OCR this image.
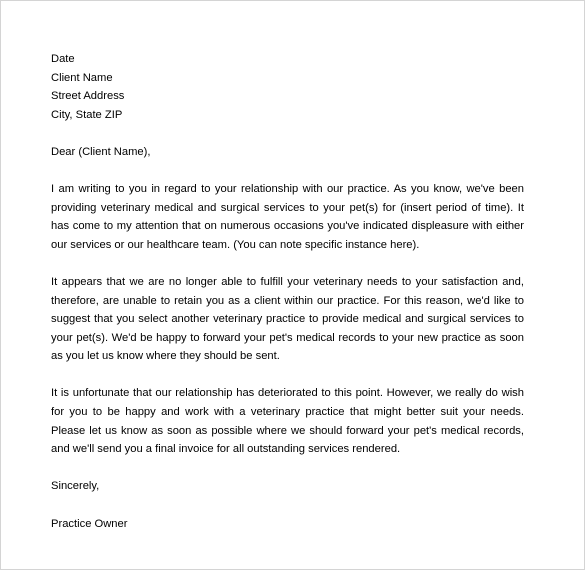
Date
Client Name
Street Address
City, State ZIP
Dear (Client Name),

I am writing to you in regard to your relationship with our practice. As you know, we've been providing veterinary medical and surgical services to your pet(s) for (insert period of time). It has come to my attention that on numerous occasions you've indicated displeasure with either our services or our healthcare team. (You can note specific instance here).

It appears that we are no longer able to fulfill your veterinary needs to your satisfaction and, therefore, are unable to retain you as a client within our practice. For this reason, we'd like to suggest that you select another veterinary practice to provide medical and surgical services to your pet(s). We'd be happy to forward your pet's medical records to your new practice as soon as you let us know where they should be sent.

It is unfortunate that our relationship has deteriorated to this point. However, we really do wish for you to be happy and work with a veterinary practice that might better suit your needs. Please let us know as soon as possible where we should forward your pet's medical records, and we'll send you a final invoice for all outstanding services rendered.

Sincerely,
Practice Owner
